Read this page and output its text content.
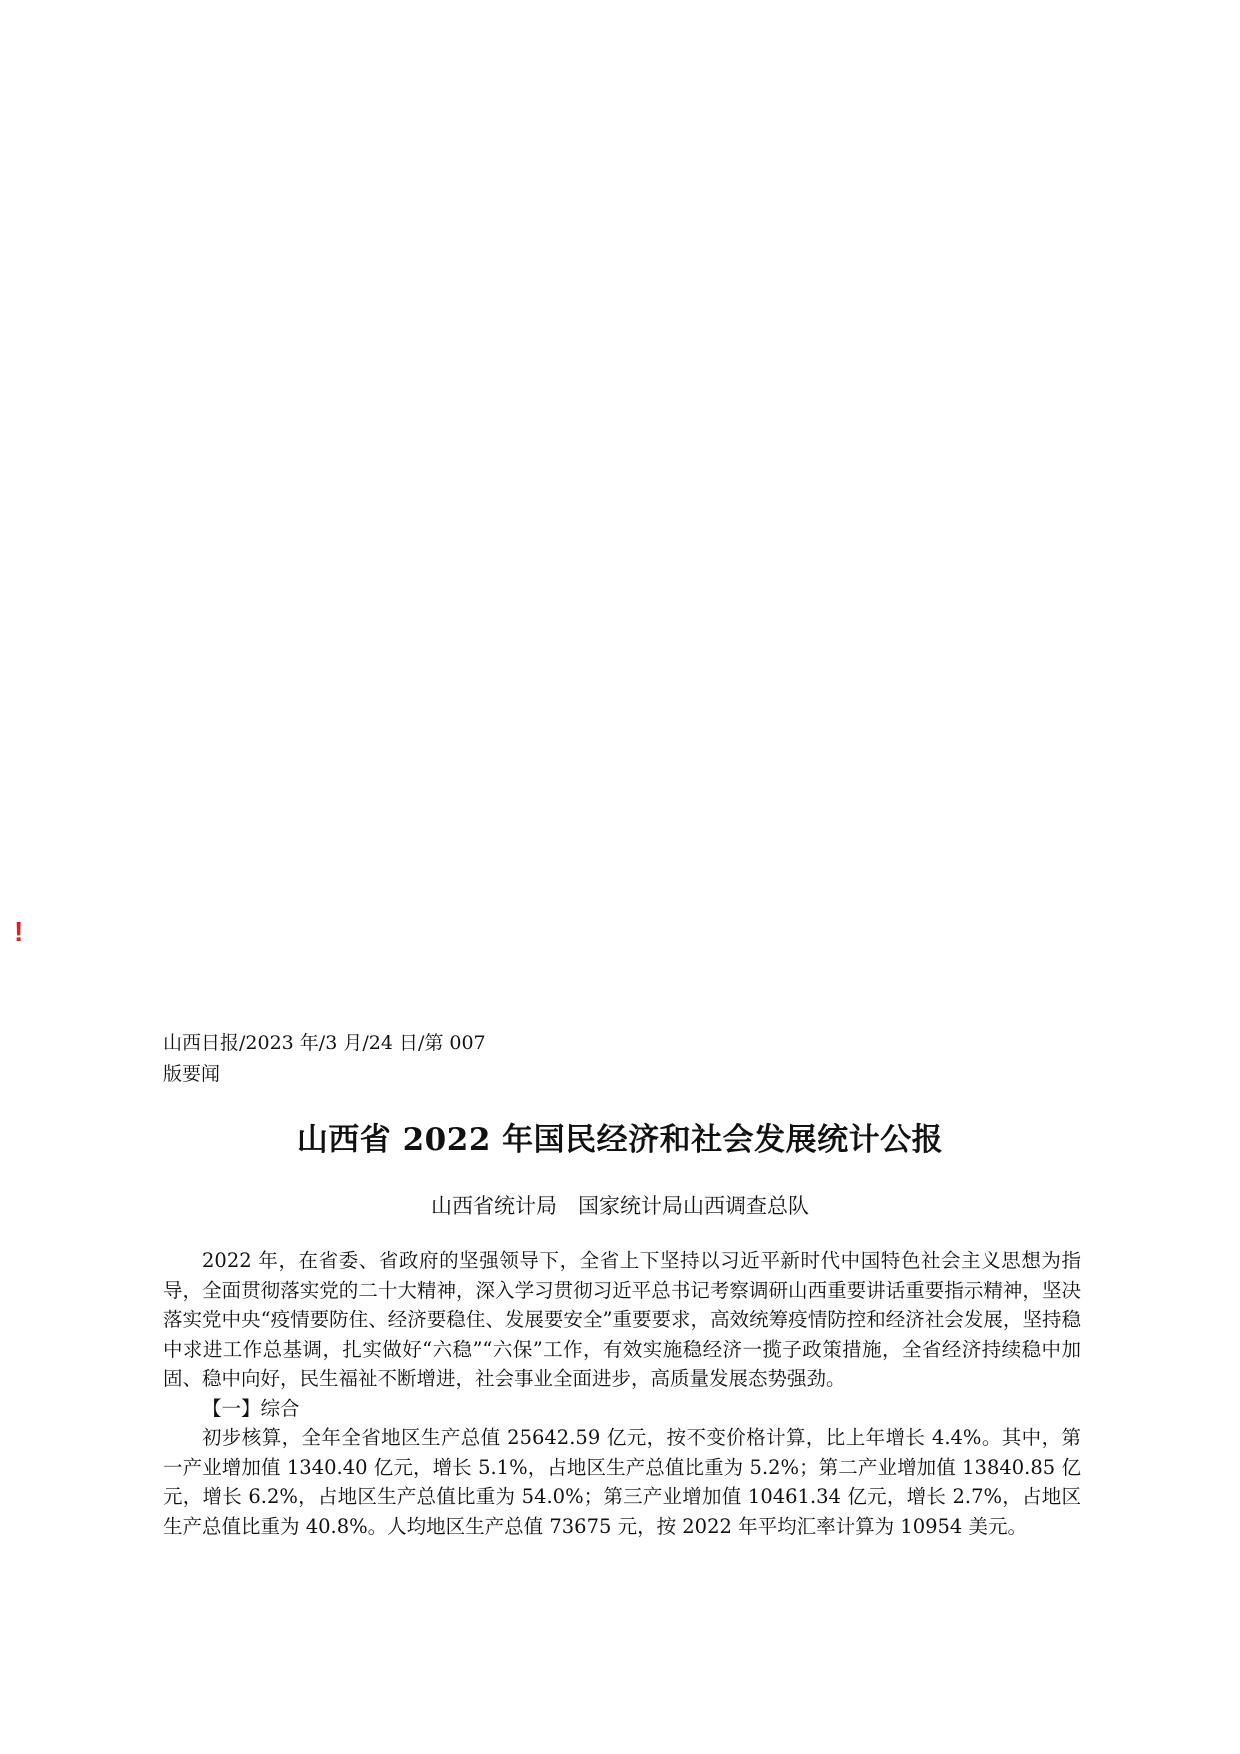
!
山西日报/2023 年/3 月/24 日/第 007
版要闻
山西省 2022 年国民经济和社会发展统计公报
山西省统计局　国家统计局山西调查总队

2022 年，在省委、省政府的坚强领导下，全省上下坚持以习近平新时代中国特色社会主义思想为指导，全面贯彻落实党的二十大精神，深入学习贯彻习近平总书记考察调研山西重要讲话重要指示精神，坚决落实党中央“疫情要防住、经济要稳住、发展要安全”重要要求，高效统筹疫情防控和经济社会发展，坚持稳中求进工作总基调，扎实做好“六稳”“六保”工作，有效实施稳经济一揽子政策措施，全省经济持续稳中加固、稳中向好，民生福祉不断增进，社会事业全面进步，高质量发展态势强劲。

【一】综合

初步核算，全年全省地区生产总值 25642.59 亿元，按不变价格计算，比上年增长 4.4%。其中，第一产业增加值 1340.40 亿元，增长 5.1%，占地区生产总值比重为 5.2%；第二产业增加值 13840.85 亿元，增长 6.2%，占地区生产总值比重为 54.0%；第三产业增加值 10461.34 亿元，增长 2.7%，占地区生产总值比重为 40.8%。人均地区生产总值 73675 元，按 2022 年平均汇率计算为 10954 美元。
